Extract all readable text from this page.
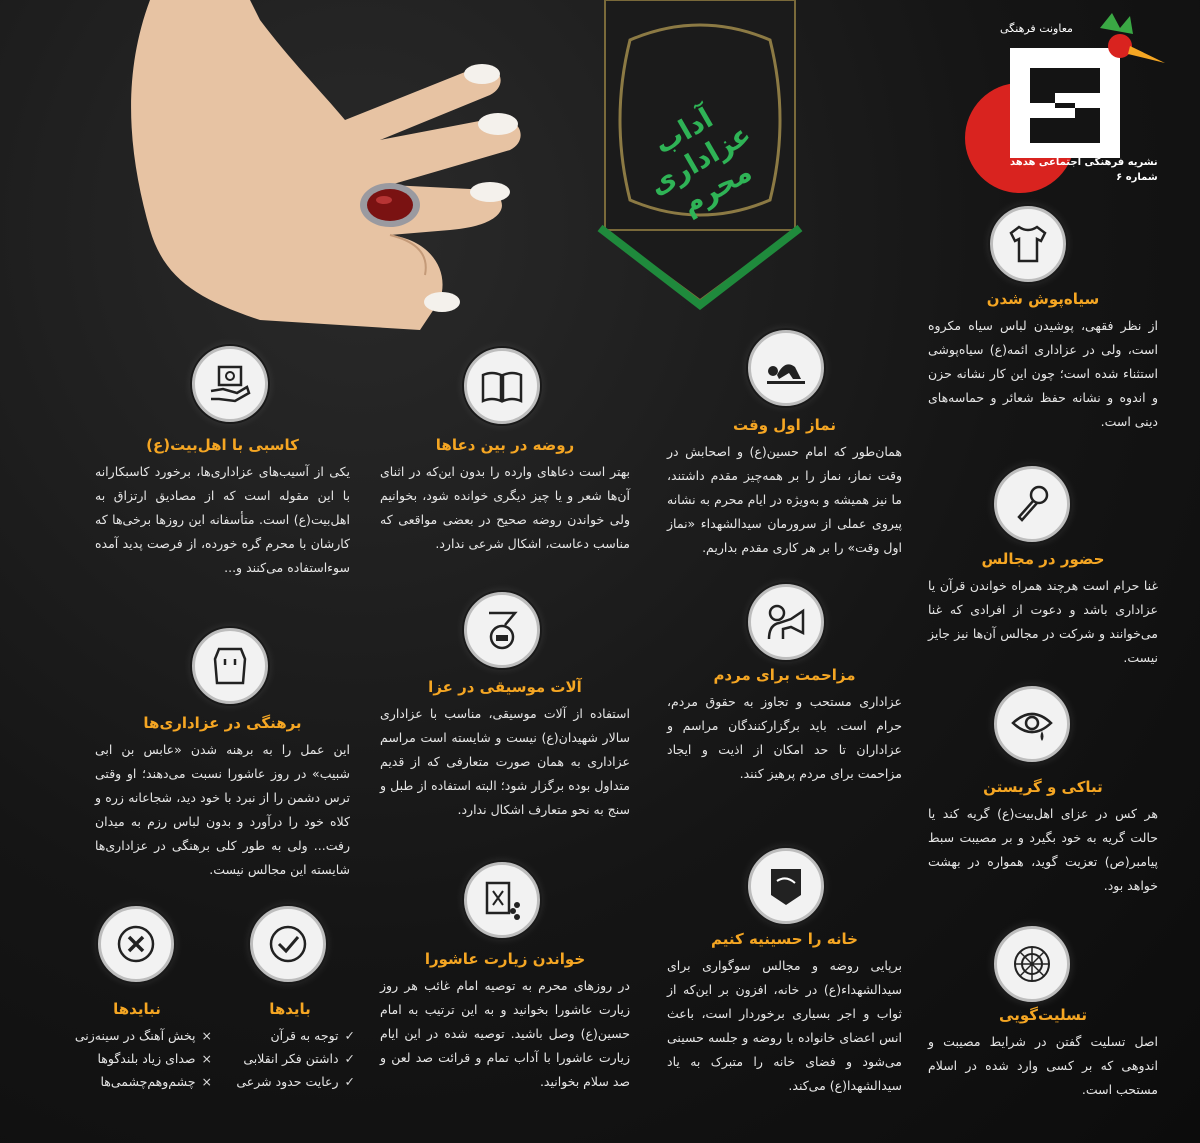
آداب عزاداری محرم
معاونت فرهنگی
نشریه فرهنگی اجتماعی هدهد
شماره ۶
سیاه‌پوش شدن

از نظر فقهی، پوشیدن لباس سیاه مکروه است، ولی در عزاداری ائمه(ع) سیاه‌پوشی استثناء شده است؛ چون این کار نشانه حزن و اندوه و نشانه حفظ شعائر و حماسه‌های دینی است.

حضور در مجالس

غنا حرام است هرچند همراه خواندن قرآن یا عزاداری باشد و دعوت از افرادی که غنا می‌خوانند و شرکت در مجالس آن‌ها نیز جایز نیست.

تباکی و گریستن

هر کس در عزای اهل‌بیت(ع) گریه کند یا حالت گریه به خود بگیرد و بر مصیبت سبط پیامبر(ص) تعزیت گوید، همواره در بهشت خواهد بود.

تسلیت‌گویی

اصل تسلیت گفتن در شرایط مصیبت و اندوهی که بر کسی وارد شده در اسلام مستحب است.

نماز اول وقت

همان‌طور که امام حسین(ع) و اصحابش در وقت نماز، نماز را بر همه‌چیز مقدم داشتند، ما نیز همیشه و به‌ویژه در ایام محرم به نشانه پیروی عملی از سرورمان سیدالشهداء «نماز اول وقت» را بر هر کاری مقدم بداریم.

مزاحمت برای مردم

عزاداری مستحب و تجاوز به حقوق مردم، حرام است. باید برگزارکنندگان مراسم و عزاداران تا حد امکان از اذیت و ایجاد مزاحمت برای مردم پرهیز کنند.

خانه را حسینیه کنیم

برپایی روضه و مجالس سوگواری برای سیدالشهداء(ع) در خانه، افزون بر این‌که از ثواب و اجر بسیاری برخوردار است، باعث انس اعضای خانواده با روضه و جلسه حسینی می‌شود و فضای خانه را متبرک به یاد سیدالشهدا(ع) می‌کند.

روضه در بین دعاها

بهتر است دعاهای وارده را بدون این‌که در اثنای آن‌ها شعر و یا چیز دیگری خوانده شود، بخوانیم ولی خواندن روضه صحیح در بعضی مواقعی که مناسب دعاست، اشکال شرعی ندارد.

آلات موسیقی در عزا

استفاده از آلات موسیقی، مناسب با عزاداری سالار شهیدان(ع) نیست و شایسته است مراسم عزاداری به همان صورت متعارفی که از قدیم متداول بوده برگزار شود؛ البته استفاده از طبل و سنج به نحو متعارف اشکال ندارد.

خواندن زیارت عاشورا

در روزهای محرم به توصیه امام غائب هر روز زیارت عاشورا بخوانید و به این ترتیب به امام حسین(ع) وصل باشید. توصیه شده در این ایام زیارت عاشورا با آداب تمام و قرائت صد لعن و صد سلام بخوانید.

کاسبی با اهل‌بیت(ع)

یکی از آسیب‌های عزاداری‌ها، برخورد کاسبکارانه با این مقوله است که از مصادیق ارتزاق به اهل‌بیت(ع) است. متأسفانه این روزها برخی‌ها که کارشان با محرم گره خورده، از فرصت پدید آمده سوءاستفاده می‌کنند و...

برهنگی در عزاداری‌ها

این عمل را به برهنه شدن «عابس بن ابی شبیب» در روز عاشورا نسبت می‌دهند؛ او وقتی ترس دشمن را از نبرد با خود دید، شجاعانه زره و کلاه خود را درآورد و بدون لباس رزم به میدان رفت... ولی به طور کلی برهنگی در عزاداری‌ها شایسته این مجالس نیست.

بایدها
✓توجه به قرآن
✓داشتن فکر انقلابی
✓رعایت حدود شرعی
نبایدها
×پخش آهنگ در سینه‌زنی
×صدای زیاد بلندگوها
×چشم‌وهم‌چشمی‌ها
